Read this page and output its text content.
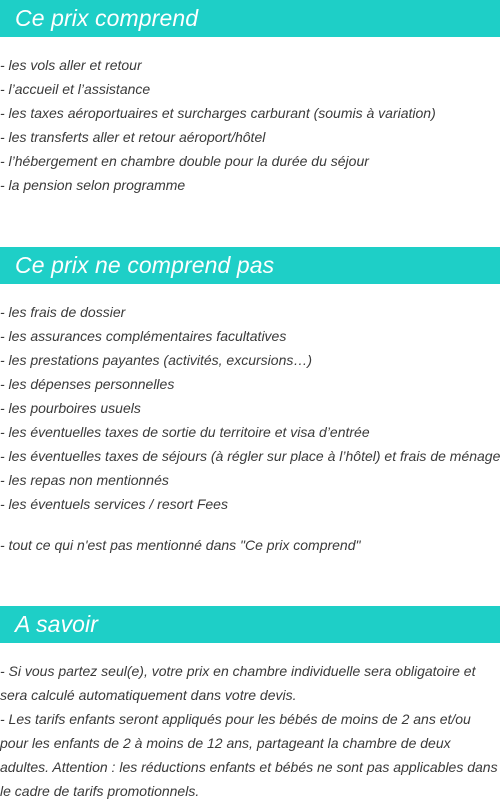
Ce prix comprend
- les vols aller et retour
- l’accueil et l’assistance
- les taxes aéroportuaires et surcharges carburant (soumis à variation)
- les transferts aller et retour aéroport/hôtel
- l’hébergement en chambre double pour la durée du séjour
- la pension selon programme
Ce prix ne comprend pas
- les frais de dossier
- les assurances complémentaires facultatives
- les prestations payantes (activités, excursions…)
- les dépenses personnelles
- les pourboires usuels
- les éventuelles taxes de sortie du territoire et visa d’entrée
- les éventuelles taxes de séjours (à régler sur place à l’hôtel) et frais de ménage
- les repas non mentionnés
- les éventuels services / resort Fees
- tout ce qui n'est pas mentionné dans "Ce prix comprend"
A savoir

- Si vous partez seul(e), votre prix en chambre individuelle sera obligatoire et sera calculé automatiquement dans votre devis.

- Les tarifs enfants seront appliqués pour les bébés de moins de 2 ans et/ou pour les enfants de 2 à moins de 12 ans, partageant la chambre de deux adultes. Attention : les réductions enfants et bébés ne sont pas applicables dans le cadre de tarifs promotionnels.
